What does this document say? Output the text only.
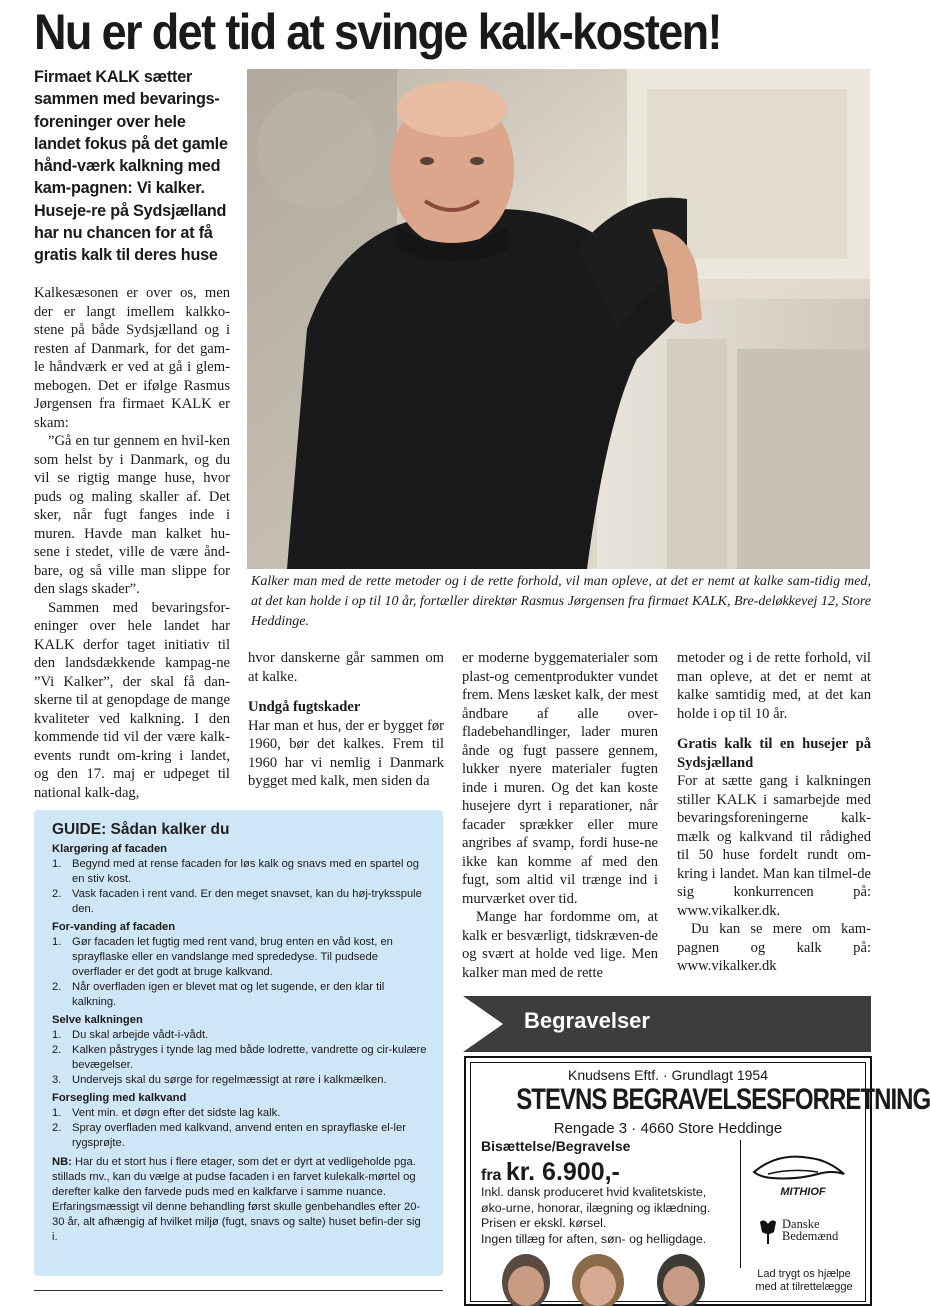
Nu er det tid at svinge kalk-kosten!
Firmaet KALK sætter sammen med bevarings-foreninger over hele landet fokus på det gamle hånd-værk kalkning med kam-pagnen: Vi kalker. Huseje-re på Sydsjælland har nu chancen for at få gratis kalk til deres huse
Kalker man med de rette metoder og i de rette forhold, vil man opleve, at det er nemt at kalke sam-tidig med, at det kan holde i op til 10 år, fortæller direktør Rasmus Jørgensen fra firmaet KALK, Bre-deløkkevej 12, Store Heddinge.

Kalkesæsonen er over os, men der er langt imellem kalkko-stene på både Sydsjælland og i resten af Danmark, for det gam-le håndværk er ved at gå i glem-mebogen. Det er ifølge Rasmus Jørgensen fra firmaet KALK er skam:

”Gå en tur gennem en hvil-ken som helst by i Danmark, og du vil se rigtig mange huse, hvor puds og maling skaller af. Det sker, når fugt fanges inde i muren. Havde man kalket hu-sene i stedet, ville de være ånd-bare, og så ville man slippe for den slags skader”.

Sammen med bevaringsfor-eninger over hele landet har KALK derfor taget initiativ til den landsdækkende kampag-ne ”Vi Kalker”, der skal få dan-skerne til at genopdage de mange kvaliteter ved kalkning. I den kommende tid vil der være kalk-events rundt om-kring i landet, og den 17. maj er udpeget til national kalk-dag,

hvor danskerne går sammen om at kalke.

Undgå fugtskader

Har man et hus, der er bygget før 1960, bør det kalkes. Frem til 1960 har vi nemlig i Danmark bygget med kalk, men siden da

er moderne byggematerialer som plast-og cementprodukter vundet frem. Mens læsket kalk, der mest åndbare af alle over-fladebehandlinger, lader muren ånde og fugt passere gennem, lukker nyere materialer fugten inde i muren. Og det kan koste husejere dyrt i reparationer, når facader sprækker eller mure angribes af svamp, fordi huse-ne ikke kan komme af med den fugt, som altid vil trænge ind i murværket over tid.

Mange har fordomme om, at kalk er besværligt, tidskræven-de og svært at holde ved lige. Men kalker man med de rette

metoder og i de rette forhold, vil man opleve, at det er nemt at kalke samtidig med, at det kan holde i op til 10 år.

Gratis kalk til en husejer på Sydsjælland

For at sætte gang i kalkningen stiller KALK i samarbejde med bevaringsforeningerne kalk-mælk og kalkvand til rådighed til 50 huse fordelt rundt om-kring i landet. Man kan tilmel-de sig konkurrencen på: www.vikalker.dk.

Du kan se mere om kam-pagnen og kalk på: www.vikalker.dk

GUIDE: Sådan kalker du
Klargøring af facaden
1. Begynd med at rense facaden for løs kalk og snavs med en spartel og en stiv kost.
2. Vask facaden i rent vand. Er den meget snavset, kan du høj-tryksspule den.
For-vanding af facaden
1. Gør facaden let fugtig med rent vand, brug enten en våd kost, en sprayflaske eller en vandslange med sprededyse. Til pudsede overflader er det godt at bruge kalkvand.
2. Når overfladen igen er blevet mat og let sugende, er den klar til kalkning.
Selve kalkningen
1. Du skal arbejde vådt-i-vådt.
2. Kalken påstryges i tynde lag med både lodrette, vandrette og cir-kulære bevægelser.
3. Undervejs skal du sørge for regelmæssigt at røre i kalkmælken.
Forsegling med kalkvand
1. Vent min. et døgn efter det sidste lag kalk.
2. Spray overfladen med kalkvand, anvend enten en sprayflaske el-ler rygsprøjte.
NB: Har du et stort hus i flere etager, som det er dyrt at vedligeholde pga. stillads mv., kan du vælge at pudse facaden i en farvet kulekalk-mørtel og derefter kalke den farvede puds med en kalkfarve i samme nuance. Erfaringsmæssigt vil denne behandling først skulle genbehandles efter 20-30 år, alt afhængig af hvilket miljø (fugt, snavs og salte) huset befin-der sig i.
Begravelser
Knudsens Eftf. · Grundlagt 1954
STEVNS BEGRAVELSESFORRETNING
Rengade 3 · 4660 Store Heddinge
Bisættelse/Begravelse
fra kr. 6.900,-
Inkl. dansk produceret hvid kvalitetskiste,
øko-urne, honorar, ilægning og iklædning.
Prisen er ekskl. kørsel.
Ingen tillæg for aften, søn- og helligdage.
MITHIOF
Danske
Bedemænd
Lad trygt os hjælpe
med at tilrettelægge
